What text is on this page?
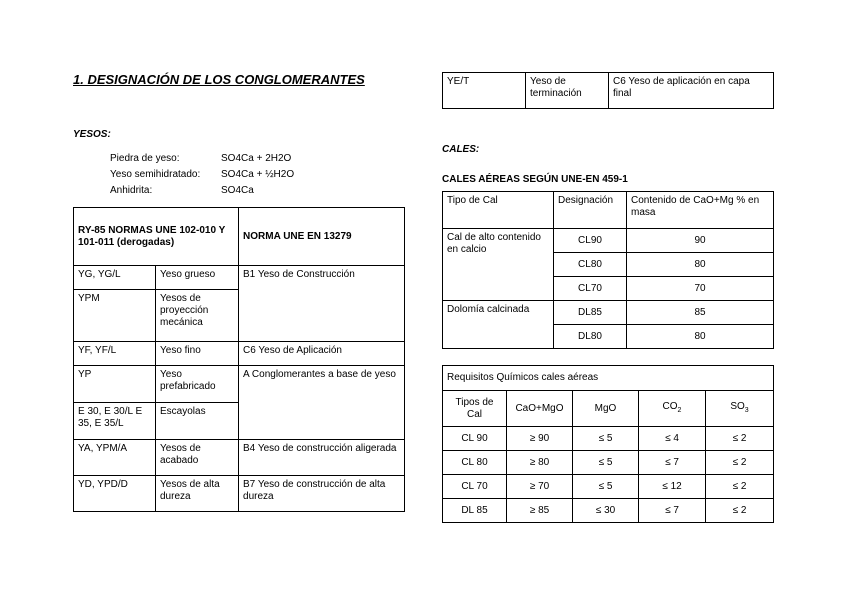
1. DESIGNACIÓN DE LOS CONGLOMERANTES
YESOS:
Piedra de yeso:	SO4Ca + 2H2O
Yeso semihidratado:	SO4Ca + ½H2O
Anhidrita:	SO4Ca
RY-85 NORMAS UNE 102-010 Y 101-011 (derogadas)		NORMA UNE EN 13279
YG, YG/L	Yeso grueso	B1 Yeso de Construcción
YPM	Yesos de proyección mecánica	
YF, YF/L	Yeso fino	C6 Yeso de Aplicación
YP	Yeso prefabricado	A Conglomerantes a base de yeso
E 30, E 30/L E 35, E 35/L	Escayolas	
YA, YPM/A	Yesos de acabado	B4 Yeso de construcción aligerada
YD, YPD/D	Yesos de alta dureza	B7 Yeso de construcción de alta dureza
YE/T	Yeso de terminación	C6 Yeso de aplicación en capa final
CALES:
CALES AÉREAS SEGÚN UNE-EN 459-1
Tipo de Cal	Designación	Contenido de CaO+Mg % en masa
Cal de alto contenido en calcio	CL90	90
	CL80	80
	CL70	70
Dolomía calcinada	DL85	85
	DL80	80
Requisitos Químicos cales aéreas				
Tipos de Cal	CaO+MgO	MgO	$CO_2$	$SO_3$
CL 90	≥ 90	≤ 5	≤ 4	≤ 2
CL 80	≥ 80	≤ 5	≤ 7	≤ 2
CL 70	≥ 70	≤ 5	≤ 12	≤ 2
DL 85	≥ 85	≤ 30	≤ 7	≤ 2
